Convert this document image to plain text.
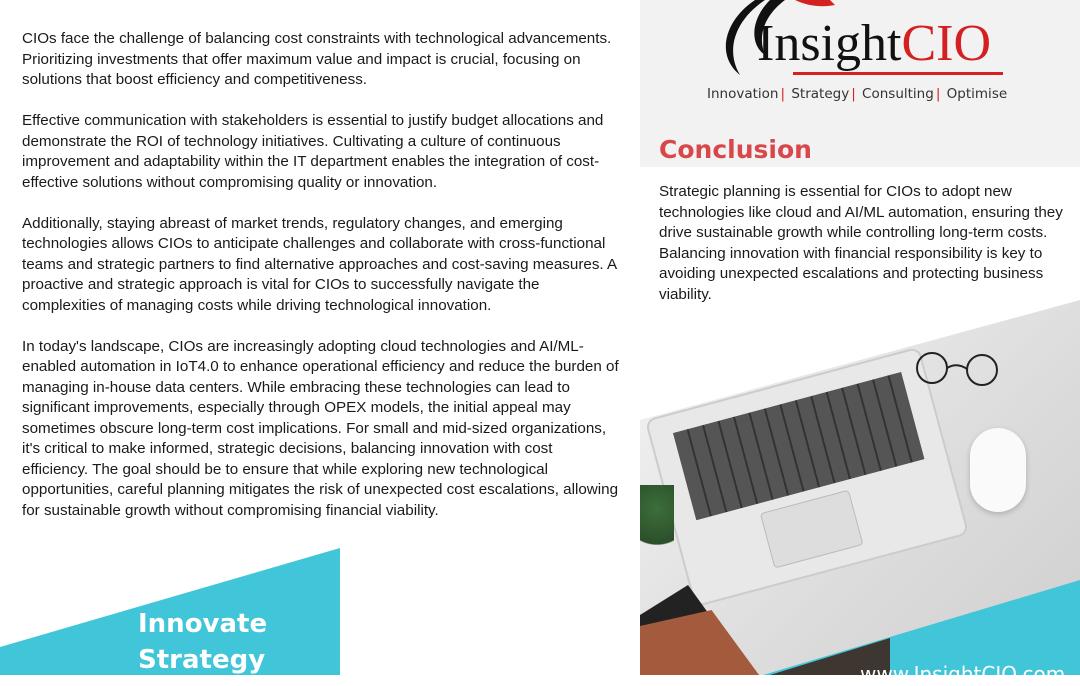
CIOs face the challenge of balancing cost constraints with technological advancements. Prioritizing investments that offer maximum value and impact is crucial, focusing on solutions that boost efficiency and competitiveness.

Effective communication with stakeholders is essential to justify budget allocations and demonstrate the ROI of technology initiatives. Cultivating a culture of continuous improvement and adaptability within the IT department enables the integration of cost-effective solutions without compromising quality or innovation.

Additionally, staying abreast of market trends, regulatory changes, and emerging technologies allows CIOs to anticipate challenges and collaborate with cross-functional teams and strategic partners to find alternative approaches and cost-saving measures. A proactive and strategic approach is vital for CIOs to successfully navigate the complexities of managing costs while driving technological innovation.

In today's landscape, CIOs are increasingly adopting cloud technologies and AI/ML-enabled automation in IoT4.0 to enhance operational efficiency and reduce the burden of managing in-house data centers. While embracing these technologies can lead to significant improvements, especially through OPEX models, the initial appeal may sometimes obscure long-term cost implications. For small and mid-sized organizations, it's critical to make informed, strategic decisions, balancing innovation with cost efficiency. The goal should be to ensure that while exploring new technological opportunities, careful planning mitigates the risk of unexpected cost escalations, allowing for sustainable growth without compromising financial viability.

Innovate
Strategy
InsightCIO
Innovation | Strategy | Consulting | Optimise
Conclusion
Strategic planning is essential for CIOs to adopt new technologies like cloud and AI/ML automation, ensuring they drive sustainable growth while controlling long-term costs. Balancing innovation with financial responsibility is key to avoiding unexpected escalations and protecting business viability.
www.InsightCIO.com
